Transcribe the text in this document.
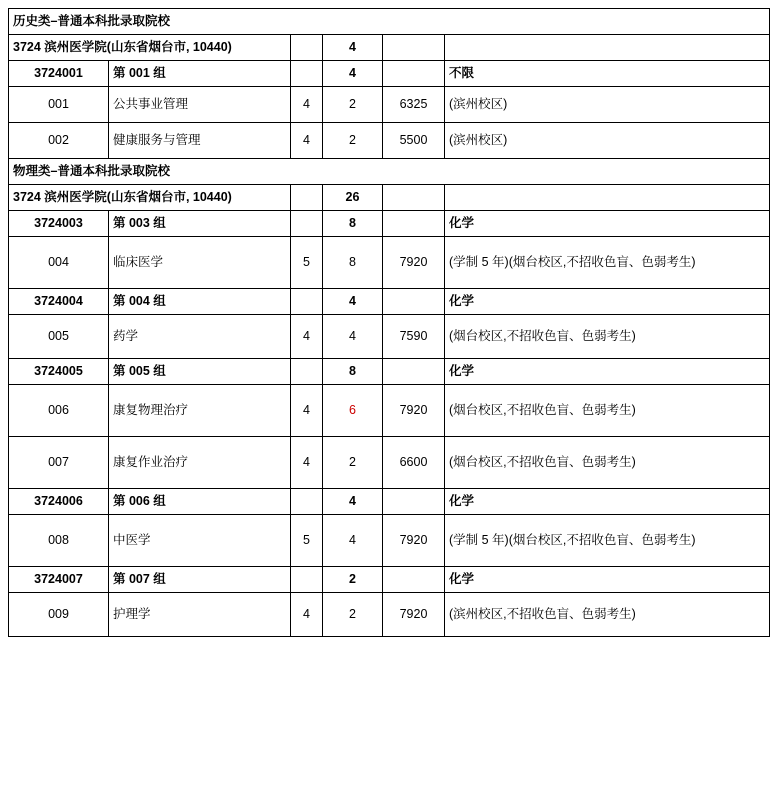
历史类–普通本科批录取院校					
3724 滨州医学院(山东省烟台市, 10440)			4		
3724001	第 001 组		4		不限
001	公共事业管理	4	2	6325	(滨州校区)
002	健康服务与管理	4	2	5500	(滨州校区)
物理类–普通本科批录取院校					
3724 滨州医学院(山东省烟台市, 10440)			26		
3724003	第 003 组		8		化学
004	临床医学	5	8	7920	(学制 5 年)(烟台校区,不招收色盲、色弱考生)
3724004	第 004 组		4		化学
005	药学	4	4	7590	(烟台校区,不招收色盲、色弱考生)
3724005	第 005 组		8		化学
006	康复物理治疗	4	6	7920	(烟台校区,不招收色盲、色弱考生)
007	康复作业治疗	4	2	6600	(烟台校区,不招收色盲、色弱考生)
3724006	第 006 组		4		化学
008	中医学	5	4	7920	(学制 5 年)(烟台校区,不招收色盲、色弱考生)
3724007	第 007 组		2		化学
009	护理学	4	2	7920	(滨州校区,不招收色盲、色弱考生)
